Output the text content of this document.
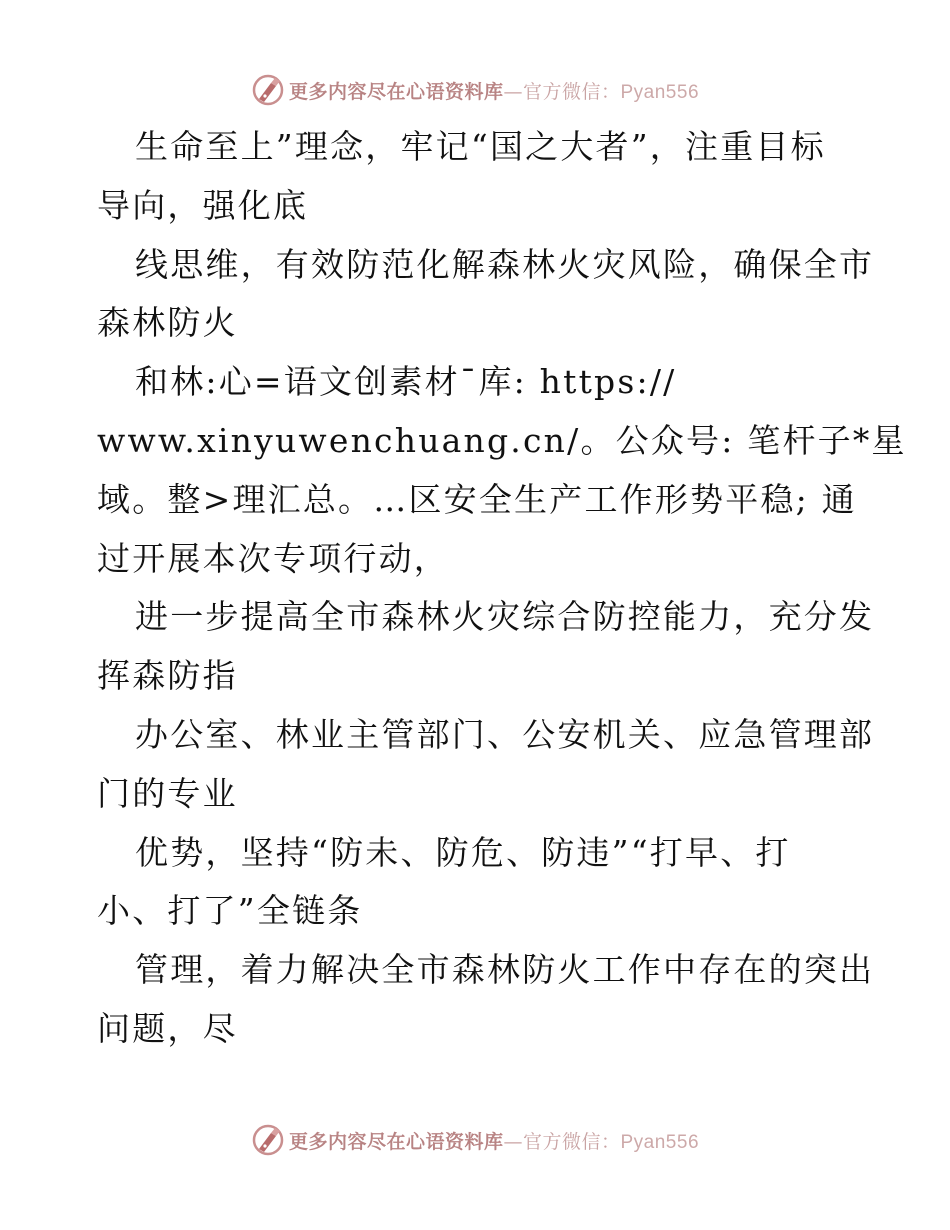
更多内容尽在心语资料库—官方微信：Pyan556
生命至上”理念，牢记“国之大者”，注重目标
导向，强化底
线思维，有效防范化解森林火灾风险，确保全市
森林防火
和林:心=语文创素材¯库: https://
www.xinyuwenchuang.cn/。公众号: 笔杆子*星
域。整>理汇总。…区安全生产工作形势平稳; 通
过开展本次专项行动，
进一步提高全市森林火灾综合防控能力，充分发
挥森防指
办公室、林业主管部门、公安机关、应急管理部
门的专业
优势，坚持“防未、防危、防违”“打早、打
小、打了”全链条
管理，着力解决全市森林防火工作中存在的突出
问题，尽
更多内容尽在心语资料库—官方微信：Pyan556
